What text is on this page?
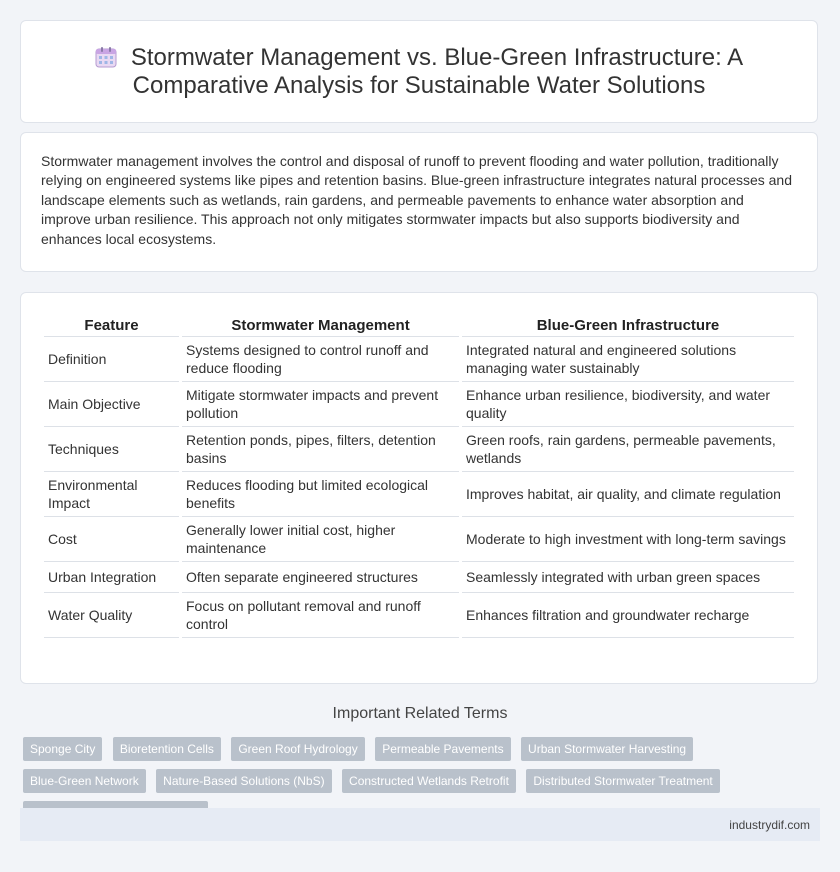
Stormwater Management vs. Blue-Green Infrastructure: A Comparative Analysis for Sustainable Water Solutions

Stormwater management involves the control and disposal of runoff to prevent flooding and water pollution, traditionally relying on engineered systems like pipes and retention basins. Blue-green infrastructure integrates natural processes and landscape elements such as wetlands, rain gardens, and permeable pavements to enhance water absorption and improve urban resilience. This approach not only mitigates stormwater impacts but also supports biodiversity and enhances local ecosystems.

Feature	Stormwater Management	Blue-Green Infrastructure
Definition	Systems designed to control runoff and reduce flooding	Integrated natural and engineered solutions managing water sustainably
Main Objective	Mitigate stormwater impacts and prevent pollution	Enhance urban resilience, biodiversity, and water quality
Techniques	Retention ponds, pipes, filters, detention basins	Green roofs, rain gardens, permeable pavements, wetlands
Environmental Impact	Reduces flooding but limited ecological benefits	Improves habitat, air quality, and climate regulation
Cost	Generally lower initial cost, higher maintenance	Moderate to high investment with long-term savings
Urban Integration	Often separate engineered structures	Seamlessly integrated with urban green spaces
Water Quality	Focus on pollutant removal and runoff control	Enhances filtration and groundwater recharge
Important Related Terms
Sponge City Bioretention Cells Green Roof Hydrology Permeable Pavements Urban Stormwater Harvesting Blue-Green Network Nature-Based Solutions (NbS) Constructed Wetlands Retrofit Distributed Stormwater Treatment
industrydif.com
